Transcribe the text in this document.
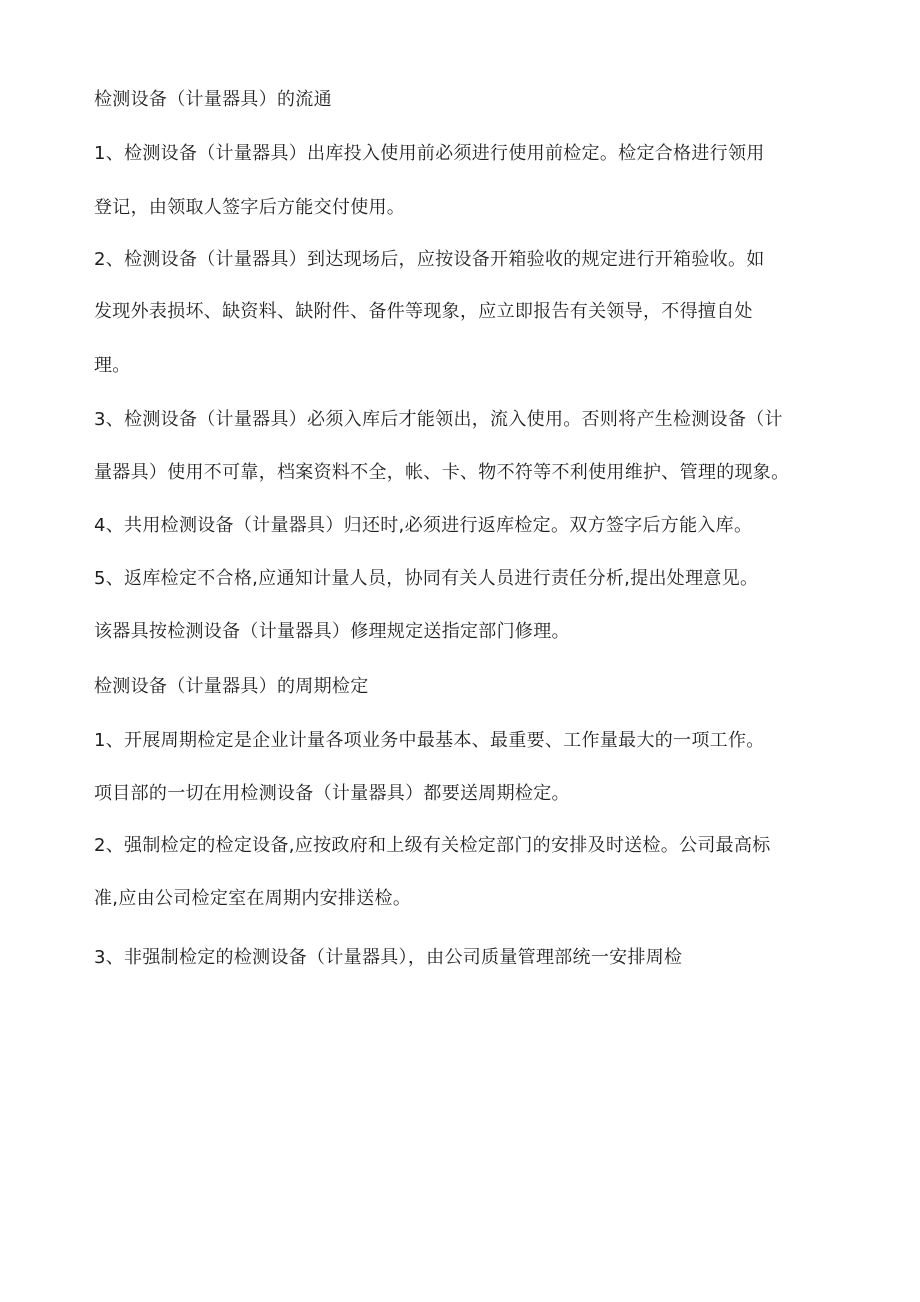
检测设备（计量器具）的流通
1、检测设备（计量器具）出库投入使用前必须进行使用前检定。检定合格进行领用
登记，由领取人签字后方能交付使用。
2、检测设备（计量器具）到达现场后，应按设备开箱验收的规定进行开箱验收。如
发现外表损坏、缺资料、缺附件、备件等现象，应立即报告有关领导，不得擅自处
理。
3、检测设备（计量器具）必须入库后才能领出，流入使用。否则将产生检测设备（计
量器具）使用不可靠，档案资料不全，帐、卡、物不符等不利使用维护、管理的现象。
4、共用检测设备（计量器具）归还时,必须进行返库检定。双方签字后方能入库。
5、返库检定不合格,应通知计量人员，协同有关人员进行责任分析,提出处理意见。
该器具按检测设备（计量器具）修理规定送指定部门修理。
检测设备（计量器具）的周期检定
1、开展周期检定是企业计量各项业务中最基本、最重要、工作量最大的一项工作。
项目部的一切在用检测设备（计量器具）都要送周期检定。
2、强制检定的检定设备,应按政府和上级有关检定部门的安排及时送检。公司最高标
准,应由公司检定室在周期内安排送检。
3、非强制检定的检测设备（计量器具），由公司质量管理部统一安排周检
